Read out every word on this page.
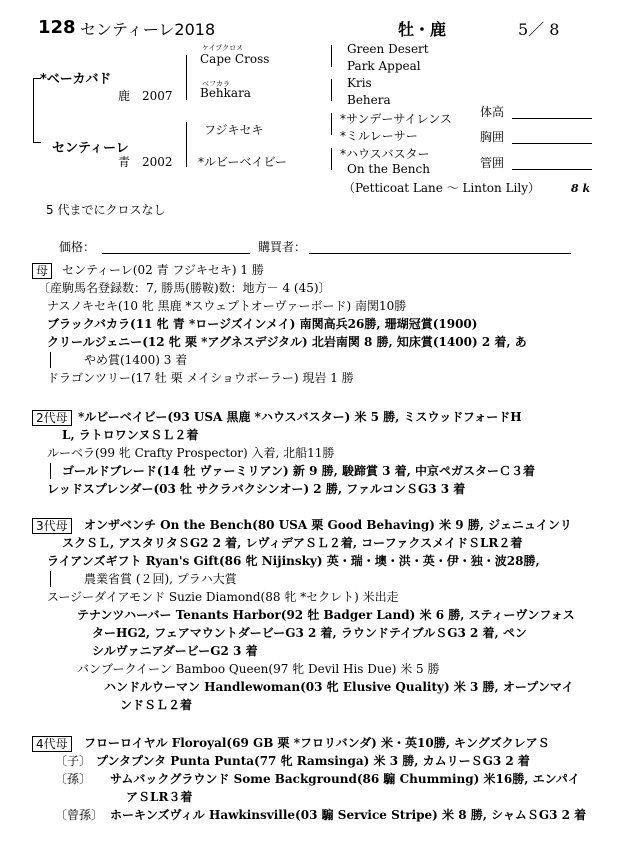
128 センティーレ2018	牡・鹿	5／ 8
*ベーカバド
鹿　2007
センティーレ
青　2002
ケイプクロス
Cape Cross
ベフカラ
Behkara
フジキセキ
*ルビーベイビー
Green Desert
Park Appeal
Kris
Behera
*サンデーサイレンス
*ミルレーサー
*ハウスバスター
On the Bench
（Petticoat Lane 〜 Linton Lily）	8 k
体高
胸囲
管囲
5 代までにクロスなし
価格：	購買者：
母	センティーレ(02 青 フジキセキ) 1 勝
〔産駒馬名登録数：7, 勝馬(勝鞍)数：地方－ 4 (45)〕
ナスノキセキ(10 牝 黒鹿 *スウェプトオーヴァーボード) 南関10勝
ブラックバカラ(11 牝 青 *ロージズインメイ) 南関高兵26勝, 珊瑚冠賞(1900)
クリールジェニー(12 牝 栗 *アグネスデジタル) 北岩南関 8 勝, 知床賞(1400) 2 着, あ
やめ賞(1400) 3 着
ドラゴンツリー(17 牡 栗 メイショウボーラー) 現岩 1 勝
2代母 *ルビーベイビー(93 USA 黒鹿 *ハウスバスター) 米 5 勝, ミスウッドフォードH
L, ラトロワンヌＳＬ２着
ルーベラ(99 牝 Crafty Prospector) 入着, 北船11勝
ゴールドブレード(14 牡 ヴァーミリアン) 新 9 勝, 駿蹄賞 3 着, 中京ペガスターＣ３着
レッドスプレンダー(03 牡 サクラバクシンオー) 2 勝, ファルコンＳG3 3 着
3代母	オンザベンチ On the Bench(80 USA 栗 Good Behaving) 米 9 勝, ジェニュインリ
スクＳＬ, アスタリタＳG2 2 着, レヴィデアＳＬ２着, コーファクスメイドＳLR２着
ライアンズギフト Ryan's Gift(86 牝 Nijinsky) 英・瑞・墺・洪・英・伊・独・波28勝,
農業省賞 (２回), プラハ大賞
スージーダイアモンド Suzie Diamond(88 牝 *セクレト) 米出走
テナンツハーバー Tenants Harbor(92 牡 Badger Land) 米 6 勝, スティーヴンフォス
ターHG2, フェアマウントダービーG3 2 着, ラウンドテイブルＳG3 2 着, ペン
シルヴァニアダービーG2 3 着
バンブークイーン Bamboo Queen(97 牝 Devil His Due) 米 5 勝
ハンドルウーマン Handlewoman(03 牝 Elusive Quality) 米 3 勝, オープンマイ
ンドＳＬ２着
4代母	フローロイヤル Floroyal(69 GB 栗 *フロリバンダ) 米・英10勝, キングズクレアＳ
〔子〕 プンタプンタ Punta Punta(77 牝 Ramsinga) 米 3 勝, カムリーＳG3 2 着
〔孫〕 サムバックグラウンド Some Background(86 騸 Chumming) 米16勝, エンパイ
アＳLR３着
〔曾孫〕 ホーキンズヴィル Hawkinsville(03 騸 Service Stripe) 米 8 勝, シャムＳG3 2 着
